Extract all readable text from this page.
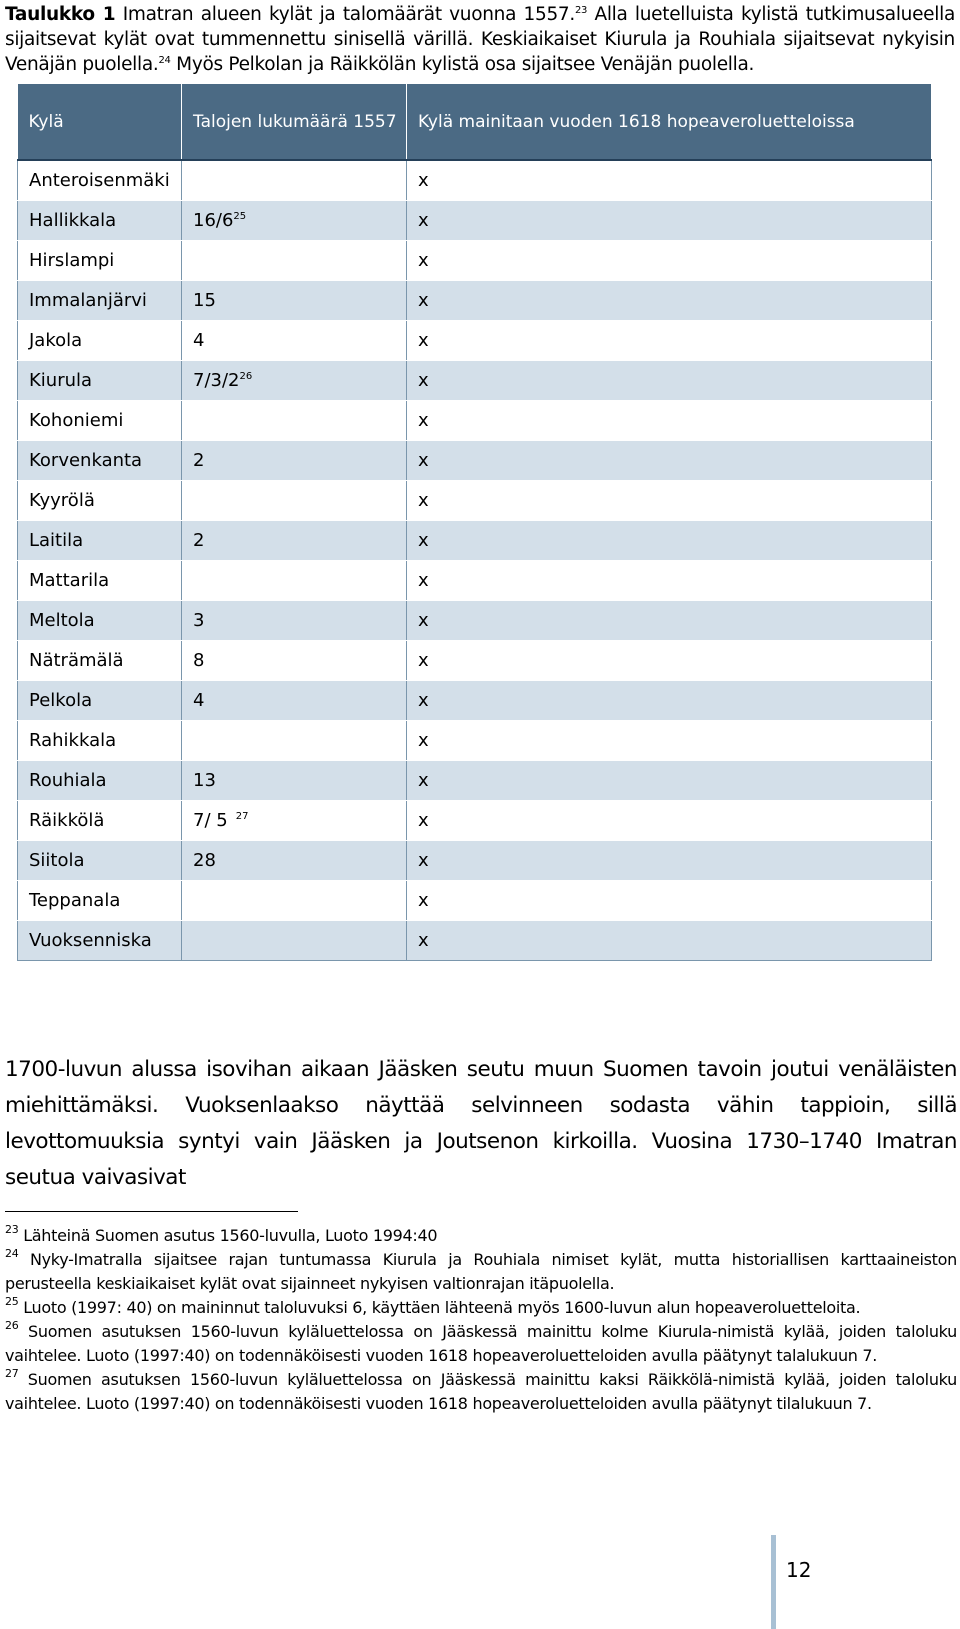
Taulukko 1 Imatran alueen kylät ja talomäärät vuonna 1557.23 Alla luetelluista kylistä tutkimusalueella sijaitsevat kylät ovat tummennettu sinisellä värillä. Keskiaikaiset Kiurula ja Rouhiala sijaitsevat nykyisin Venäjän puolella.$^{24}$ Myös Pelkolan ja Räikkölän kylistä osa sijaitsee Venäjän puolella.
Kylä	Talojen lukumäärä 1557	Kylä mainitaan vuoden 1618 hopeaveroluetteloissa
Anteroisenmäki		x
Hallikkala	$16/6^{25}$	x
Hirslampi		x
Immalanjärvi	15	x
Jakola	4	x
Kiurula	$7/3/2^{26}$	x
Kohoniemi		x
Korvenkanta	2	x
Kyyrölä		x
Laitila	2	x
Mattarila		x
Meltola	3	x
Näträmälä	8	x
Pelkola	4	x
Rahikkala		x
Rouhiala	13	x
Räikkölä	7/ 5 $^{27}$	x
Siitola	28	x
Teppanala		x
Vuoksenniska		x
1700-luvun alussa isovihan aikaan Jääsken seutu muun Suomen tavoin joutui venäläisten miehittämäksi. Vuoksenlaakso näyttää selvinneen sodasta vähin tappioin, sillä levottomuuksia syntyi vain Jääsken ja Joutsenon kirkoilla. Vuosina 1730–1740 Imatran seutua vaivasivat

$^{23}$ Lähteinä Suomen asutus 1560-luvulla, Luoto 1994:40

$^{24}$ Nyky-Imatralla sijaitsee rajan tuntumassa Kiurula ja Rouhiala nimiset kylät, mutta historiallisen karttaaineiston perusteella keskiaikaiset kylät ovat sijainneet nykyisen valtionrajan itäpuolella.

$^{25}$ Luoto (1997: 40) on maininnut taloluvuksi 6, käyttäen lähteenä myös 1600-luvun alun hopeaveroluetteloita.

$^{26}$ Suomen asutuksen 1560-luvun kyläluettelossa on Jääskessä mainittu kolme Kiurula-nimistä kylää, joiden taloluku vaihtelee. Luoto (1997:40) on todennäköisesti vuoden 1618 hopeaveroluetteloiden avulla päätynyt talalukuun 7.

$^{27}$ Suomen asutuksen 1560-luvun kyläluettelossa on Jääskessä mainittu kaksi Räikkölä-nimistä kylää, joiden taloluku vaihtelee. Luoto (1997:40) on todennäköisesti vuoden 1618 hopeaveroluetteloiden avulla päätynyt tilalukuun 7.

12
